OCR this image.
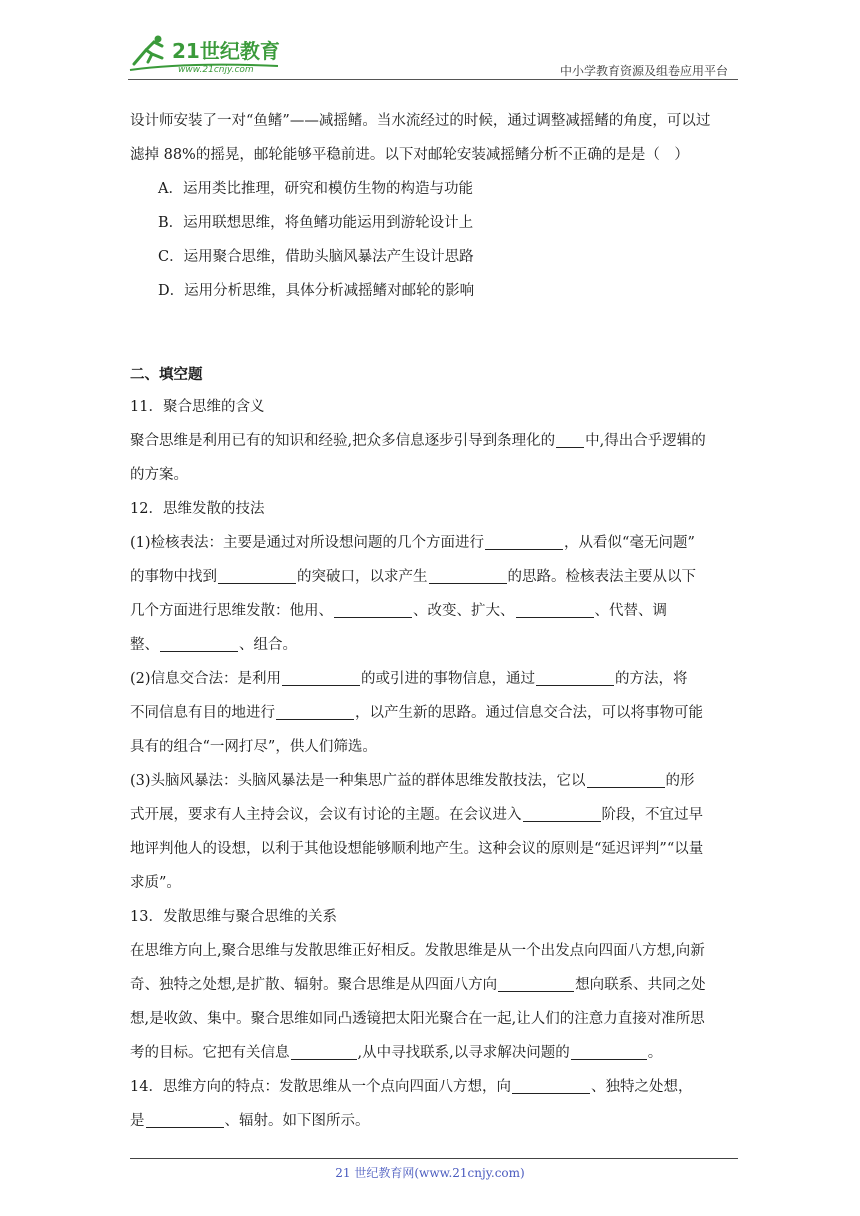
21世纪教育
www.21cnjy.com	中小学教育资源及组卷应用平台

设计师安装了一对“鱼鳍”——减摇鳍。当水流经过的时候，通过调整减摇鳍的角度，可以过

滤掉 88%的摇晃，邮轮能够平稳前进。以下对邮轮安装减摇鳍分析不正确的是是（　）

A．运用类比推理，研究和模仿生物的构造与功能

B．运用联想思维，将鱼鳍功能运用到游轮设计上

C．运用聚合思维，借助头脑风暴法产生设计思路

D．运用分析思维，具体分析减摇鳍对邮轮的影响

二、填空题

11．聚合思维的含义

聚合思维是利用已有的知识和经验,把众多信息逐步引导到条理化的 中,得出合乎逻辑的

的方案。

12．思维发散的技法

(1)检核表法：主要是通过对所设想问题的几个方面进行	，从看似“毫无问题”

的事物中找到	的突破口，以求产生	的思路。检核表法主要从以下

几个方面进行思维发散：他用、	、改变、扩大、	、代替、调

整、	、组合。

(2)信息交合法：是利用	的或引进的事物信息，通过	的方法，将

不同信息有目的地进行	，以产生新的思路。通过信息交合法，可以将事物可能

具有的组合“一网打尽”，供人们筛选。

(3)头脑风暴法：头脑风暴法是一种集思广益的群体思维发散技法，它以	的形

式开展，要求有人主持会议，会议有讨论的主题。在会议进入	阶段，不宜过早

地评判他人的设想，以利于其他设想能够顺利地产生。这种会议的原则是“延迟评判”“以量

求质”。

13．发散思维与聚合思维的关系

在思维方向上,聚合思维与发散思维正好相反。发散思维是从一个出发点向四面八方想,向新

奇、独特之处想,是扩散、辐射。聚合思维是从四面八方向	想向联系、共同之处

想,是收敛、集中。聚合思维如同凸透镜把太阳光聚合在一起,让人们的注意力直接对准所思

考的目标。它把有关信息	,从中寻找联系,以寻求解决问题的	。

14．思维方向的特点：发散思维从一个点向四面八方想，向	、独特之处想，

是	、辐射。如下图所示。

21 世纪教育网(www.21cnjy.com)
